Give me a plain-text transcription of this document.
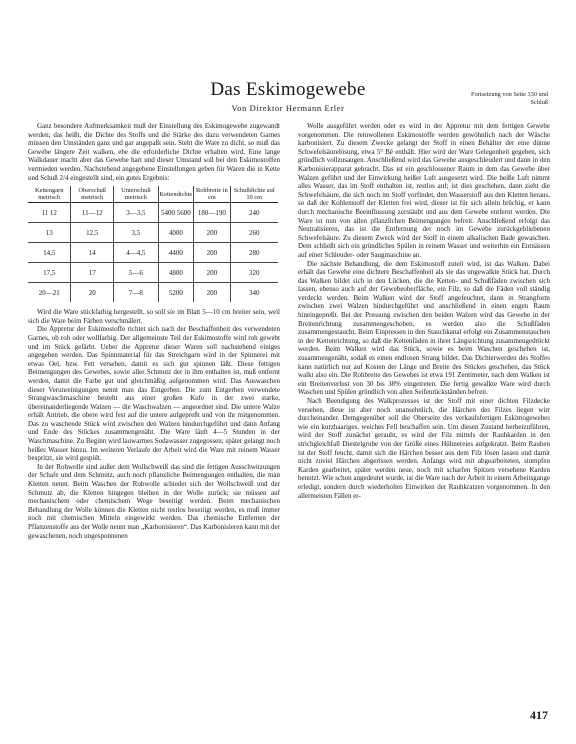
Das Eskimogewebe
Von Direktor Hermann Erler
Fortsetzung von Seite 330 und Schluß

Ganz besondere Aufmerksamkeit muß der Einstellung des Eskimogewebe zugewandt werden; das heißt, die Dichte des Stoffs und die Stärke des dazu verwendeten Garnes müssen den Umständen ganz und gar angepaßt sein. Steht die Ware zu dicht, so muß das Gewebe längere Zeit walken, ehe die erforderliche Dichte erhalten wird. Eine lange Walkdauer macht aber das Gewebe hart und dieser Umstand soll bei den Eskimostoffen vermieden werden. Nachstehend angegebene Einstellungen geben für Waren die in Kette und Schuß 2/4 eingestellt sind, ein gutes Ergebnis:

Kettengarn metrisch	Oberschuß metrisch	Unterschuß metrisch	Kettendichte	Rohbreite in cm	Schußdichte auf 10 cm
11 12	11—12	3—3,5	5400 5600	180—190	240
13	12,5	3,5	4000	200	260
14,5	14	4—4,5	4400	200	280
17,5	17	5—6	4800	200	320
20—21	20	7—8	5200	200	340

Wird die Ware stückfarbig hergestellt, so soll sie im Blatt 5—10 cm breiter sein, weil sich die Ware beim Färben verschmälert.

Die Appretur der Eskimostoffe richtet sich nach der Beschaffenheit des verwendeten Garnes, ob roh oder wollfarbig. Der allgemeinste Teil der Eskimostoffe wird roh gewebt und im Stück gefärbt. Ueber die Appretur dieser Waren soll nachstehend einiges angegeben werden. Das Spinnmaterial für das Streichgarn wird in der Spinnerei mit etwas Oel, bzw. Fett versehen, damit es sich gut spinnen läßt. Diese fettigen Beimengungen des Gewebes, sowie aller Schmutz der in ihm enthalten ist, muß entfernt werden, damit die Farbe gut und gleichmäßig aufgenommen wird. Das Auswaschen dieser Verunreinigungen nennt man das Entgerben. Die zum Entgerben verwendete Strangwaschmaschine besteht aus einer großen Kufe in der zwei starke, übereinanderliegende Walzen — die Waschwalzen — angeordnet sind. Die untere Walze erhält Antrieb, die obere wird fest auf die untere aufgepreßt und von ihr mitgenommen. Das zu waschende Stück wird zwischen den Walzen hindurchgeführt und dann Anfang und Ende des Stückes zusammengenäht. Die Ware läuft 4—5 Stunden in der Waschmaschine. Zu Beginn wird lauwarmes Sodawasser zugegossen; später gelangt noch heißes Wasser hinzu. Im weiteren Verlaufe der Arbeit wird die Ware mit reinem Wasser bespritzt, sie wird gespült.

In der Rohwolle sind außer dem Wollschweiß das sind die fettigen Ausschwitzungen der Schafe und dem Schmutz, auch noch pflanzliche Beimengungen enthalten, die man Kletten nennt. Beim Waschen der Rohwolle schiedet sich der Wollschweiß und der Schmutz ab, die Kletten hingegen bleiben in der Wolle zurück; sie müssen auf mechanischem oder chemischem Wege beseitigt werden. Beim mechanischen Behandlung der Wolle können die Kletten nicht restlos beseitigt werden, es muß immer noch mit chemischen Mitteln eingewirkt werden. Das chemische Entfernen der Pflanzenstoffe aus der Wolle nennt man „Karbonisieren“. Das Karbonisieren kann mit der gewaschenen, noch ungesponnenen

Wolle ausgeführt werden oder es wird in der Appretur mit dem fertigen Gewebe vorgenommen. Die reinwollenen Eskimostoffe werden gewöhnlich nach der Wäsche karbonisiert. Zu diesem Zwecke gelangt der Stoff in einen Behälter der eine dünne Schwefelsäurelösung, etwa 5° Bé enthält. Hier wird der Ware Gelegenheit gegeben, sich gründlich vollzusaugen. Anschließend wird das Gewebe ausgeschleudert und dann in den Karbonisierapparat gebracht. Das ist ein geschlossener Raum in dem das Gewebe über Walzen geführt und der Einwirkung heißer Luft ausgesetzt wird. Die heiße Luft nimmt alles Wasser, das im Stoff enthalten ist, restlos auf; ist dies geschehen, dann zieht die Schwefelsäure, die sich noch im Stoff vorfindet, den Wasserstoff aus den Kletten heraus, so daß der Kohlenstoff der Kletten frei wird, dieser ist für sich allein brüchig, er kann durch mechanische Beeinflussung zerstäubt und aus dem Gewebe entfernt werden. Die Ware ist nun von allen pflanzlichen Beimengungen befreit. Anschließend erfolgt das Neutralisieren, das ist die Entfernung der noch im Gewebe zurückgebliebenen Schwefelsäure. Zu diesem Zweck wird der Stoff in einem alkalischen Bade gewaschen. Dem schließt sich ein gründliches Spülen in reinem Wasser und weiterhin ein Entnässen auf einer Schleuder- oder Saugmaschine an.

Die nächste Behandlung, die dem Eskimostoff zuteil wird, ist das Walken. Dabei erhält das Gewebe eine dichtere Beschaffenheit als sie das ungewalkte Stück hat. Durch das Walken bildet sich in den Lücken, die die Ketten- und Schußfäden zwischen sich lassen, ebenso auch auf der Gewebeoberfläche, ein Filz, so daß die Fäden voll ständig verdeckt werden. Beim Walken wird der Stoff angefeuchtet, dann in Strangform zwischen zwei Walzen hindurchgeführt und anschließend in einen engen Raum hineingepreßt. Bei der Pressung zwischen den beiden Walzen wird das Gewebe in der Breitenrichtung zusammengeschoben, es werden also die Schußfäden zusammengestaucht. Beim Einpressen in den Stauchkanal erfolgt ein Zusammenstauchen in der Kettenrichtung, so daß die Kettenfäden in ihrer Längsrichtung zusammengedrückt werden. Beim Walken wird das Stück, sowie es beim Waschen geschehen ist, zusammengenäht, sodaß es einen endlosen Strang bildet. Das Dichterwerden des Stoffes kann natürlich nur auf Kosten der Länge und Breite des Stückes geschehen, das Stück walkt also ein. Die Rohbreite des Gewebes ist etwa 191 Zentimeter, nach dem Walken ist ein Breitenverlust von 30 bis 38% eingetreten. Die fertig gewalkte Ware wird durch Waschen und Spülen gründlich von allen Seifenrückständen befreit.

Nach Beendigung des Walkprozesses ist der Stoff mit einer dichten Filzdecke versehen, diese ist aber noch unansehnlich, die Härchen des Filzes liegen wirr durcheinander. Demgegenüber soll die Oberseite des verkaufsfertigen Eskimogewebes wie ein kurzhaariges, weiches Fell beschaffen sein. Um diesen Zustand herbeizuführen, wird der Stoff zunächst gerauht, es wird der Filz mittels der Rauhkarden in den strichgleichfall Diestelgrube von der Größe eines Hühnereies aufgekratzt. Beim Rauhen ist der Stoff feucht, damit sich die Härchen besser aus dem Filz lösen lassen und damit nicht zuviel Härchen abgerissen werden. Anfangs wird mit abgearbeiteten, stumpfen Karden gearbeitet, später werden neue, noch mit scharfen Spitzen versehene Karden benutzt. Wie schon angedeutet wurde, ist die Ware nach der Arbeit in einem Arbeitsgange erledigt, sondern durch wiederholtes Einwirken der Rauhkratzen vorgenommen. In den allermeisten Fällen er-

417
